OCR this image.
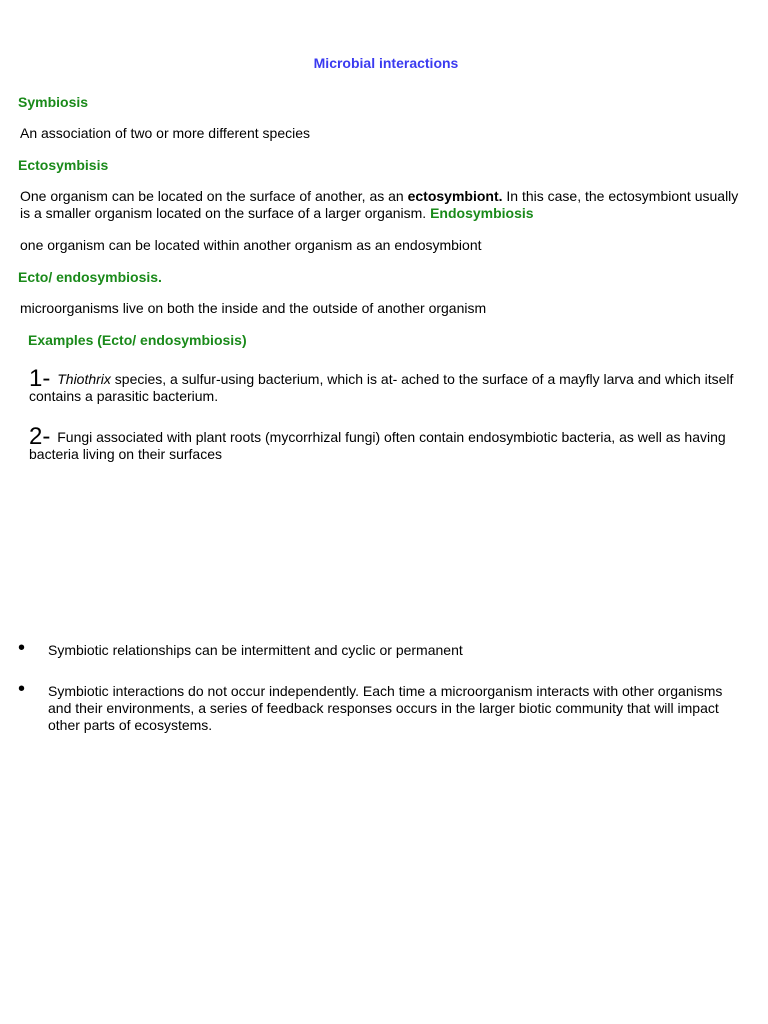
Microbial interactions
Symbiosis
An association of two or more different species
Ectosymbisis
One organism can be located on the surface of another, as an ectosymbiont. In this case, the ectosymbiont usually is a smaller organism located on the surface of a larger organism. Endosymbiosis
one organism can be located within another organism as an endosymbiont
Ecto/ endosymbiosis.
microorganisms live on both the inside and the outside of another organism
Examples (Ecto/ endosymbiosis)
1- Thiothrix species, a sulfur-using bacterium, which is at- ached to the surface of a mayfly larva and which itself contains a parasitic bacterium.
2- Fungi associated with plant roots (mycorrhizal fungi) often contain endosymbiotic bacteria, as well as having bacteria living on their surfaces
• Symbiotic relationships can be intermittent and cyclic or permanent
• Symbiotic interactions do not occur independently. Each time a microorganism interacts with other organisms and their environments, a series of feedback responses occurs in the larger biotic community that will impact other parts of ecosystems.
